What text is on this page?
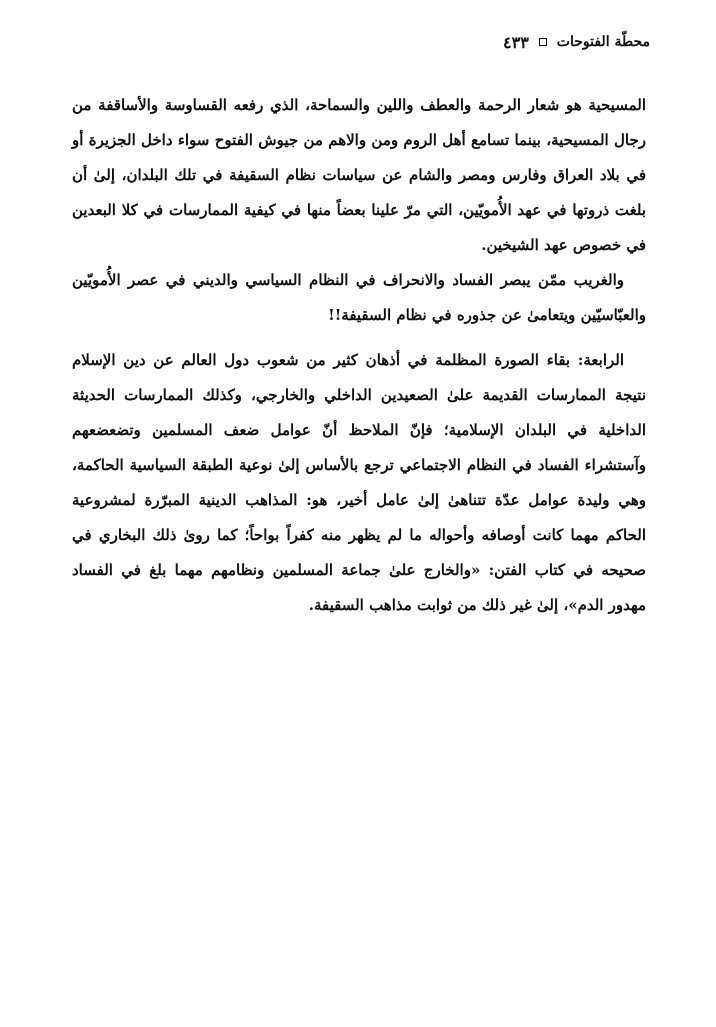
محطّة الفتوحات
٤٣٣

المسيحية هو شعار الرحمة والعطف واللين والسماحة، الذي رفعه القساوسة والأساقفة من رجال المسيحية، بينما تسامع أهل الروم ومن والاهم من جيوش الفتوح سواء داخل الجزيرة أو في بلاد العراق وفارس ومصر والشام عن سياسات نظام السقيفة في تلك البلدان، إلىٰ أن بلغت ذروتها في عهد الأُمويّين، التي مرّ علينا بعضاً منها في كيفية الممارسات في كلا البعدين في خصوص عهد الشيخين.

والغريب ممّن يبصر الفساد والانحراف في النظام السياسي والديني في عصر الأُمويّين والعبّاسيّين ويتعامىٰ عن جذوره في نظام السقيفة!!

الرابعة: بقاء الصورة المظلمة في أذهان كثير من شعوب دول العالم عن دين الإسلام نتيجة الممارسات القديمة علىٰ الصعيدين الداخلي والخارجي، وكذلك الممارسات الحديثة الداخلية في البلدان الإسلامية؛ فإنّ الملاحظ أنّ عوامل ضعف المسلمين وتضعضعهم وآستشراء الفساد في النظام الاجتماعي ترجع بالأساس إلىٰ نوعية الطبقة السياسية الحاكمة، وهي وليدة عوامل عدّة تتناهىٰ إلىٰ عامل أخير، هو: المذاهب الدينية المبرّرة لمشروعية الحاكم مهما كانت أوصافه وأحواله ما لم يظهر منه كفراً بواحاً؛ كما روىٰ ذلك البخاري في صحيحه في كتاب الفتن: «والخارج علىٰ جماعة المسلمين ونظامهم مهما بلغ في الفساد مهدور الدم»، إلىٰ غير ذلك من ثوابت مذاهب السقيفة.
